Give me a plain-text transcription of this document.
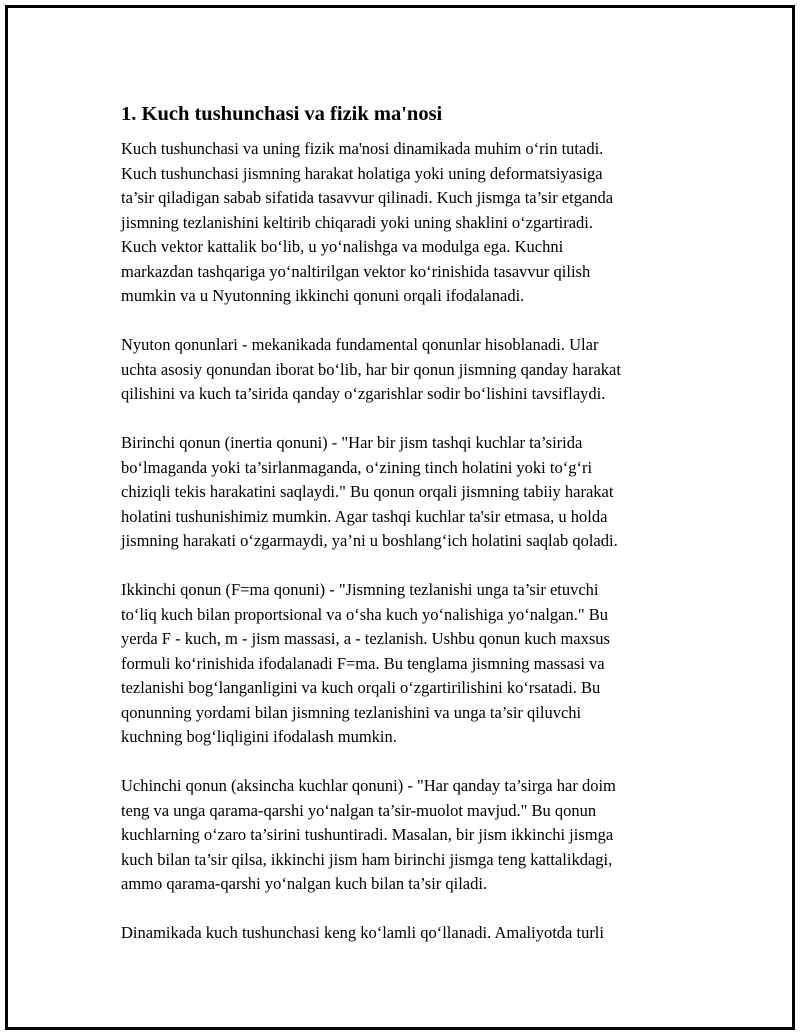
1. Kuch tushunchasi va fizik ma'nosi

Kuch tushunchasi va uning fizik ma'nosi dinamikada muhim o‘rin tutadi.
Kuch tushunchasi jismning harakat holatiga yoki uning deformatsiyasiga
ta’sir qiladigan sabab sifatida tasavvur qilinadi. Kuch jismga ta’sir etganda
jismning tezlanishini keltirib chiqaradi yoki uning shaklini o‘zgartiradi.
Kuch vektor kattalik bo‘lib, u yo‘nalishga va modulga ega. Kuchni
markazdan tashqariga yo‘naltirilgan vektor ko‘rinishida tasavvur qilish
mumkin va u Nyutonning ikkinchi qonuni orqali ifodalanadi.

Nyuton qonunlari - mekanikada fundamental qonunlar hisoblanadi. Ular
uchta asosiy qonundan iborat bo‘lib, har bir qonun jismning qanday harakat
qilishini va kuch ta’sirida qanday o‘zgarishlar sodir bo‘lishini tavsiflaydi.

Birinchi qonun (inertia qonuni) - "Har bir jism tashqi kuchlar ta’sirida
bo‘lmaganda yoki ta’sirlanmaganda, o‘zining tinch holatini yoki to‘g‘ri
chiziqli tekis harakatini saqlaydi." Bu qonun orqali jismning tabiiy harakat
holatini tushunishimiz mumkin. Agar tashqi kuchlar ta'sir etmasa, u holda
jismning harakati o‘zgarmaydi, ya’ni u boshlang‘ich holatini saqlab qoladi.

Ikkinchi qonun (F=ma qonuni) - "Jismning tezlanishi unga ta’sir etuvchi
to‘liq kuch bilan proportsional va o‘sha kuch yo‘nalishiga yo‘nalgan." Bu
yerda F - kuch, m - jism massasi, a - tezlanish. Ushbu qonun kuch maxsus
formuli ko‘rinishida ifodalanadi F=ma. Bu tenglama jismning massasi va
tezlanishi bog‘langanligini va kuch orqali o‘zgartirilishini ko‘rsatadi. Bu
qonunning yordami bilan jismning tezlanishini va unga ta’sir qiluvchi
kuchning bog‘liqligini ifodalash mumkin.

Uchinchi qonun (aksincha kuchlar qonuni) - "Har qanday ta’sirga har doim
teng va unga qarama-qarshi yo‘nalgan ta’sir-muolot mavjud." Bu qonun
kuchlarning o‘zaro ta’sirini tushuntiradi. Masalan, bir jism ikkinchi jismga
kuch bilan ta’sir qilsa, ikkinchi jism ham birinchi jismga teng kattalikdagi,
ammo qarama-qarshi yo‘nalgan kuch bilan ta’sir qiladi.

Dinamikada kuch tushunchasi keng ko‘lamli qo‘llanadi. Amaliyotda turli
